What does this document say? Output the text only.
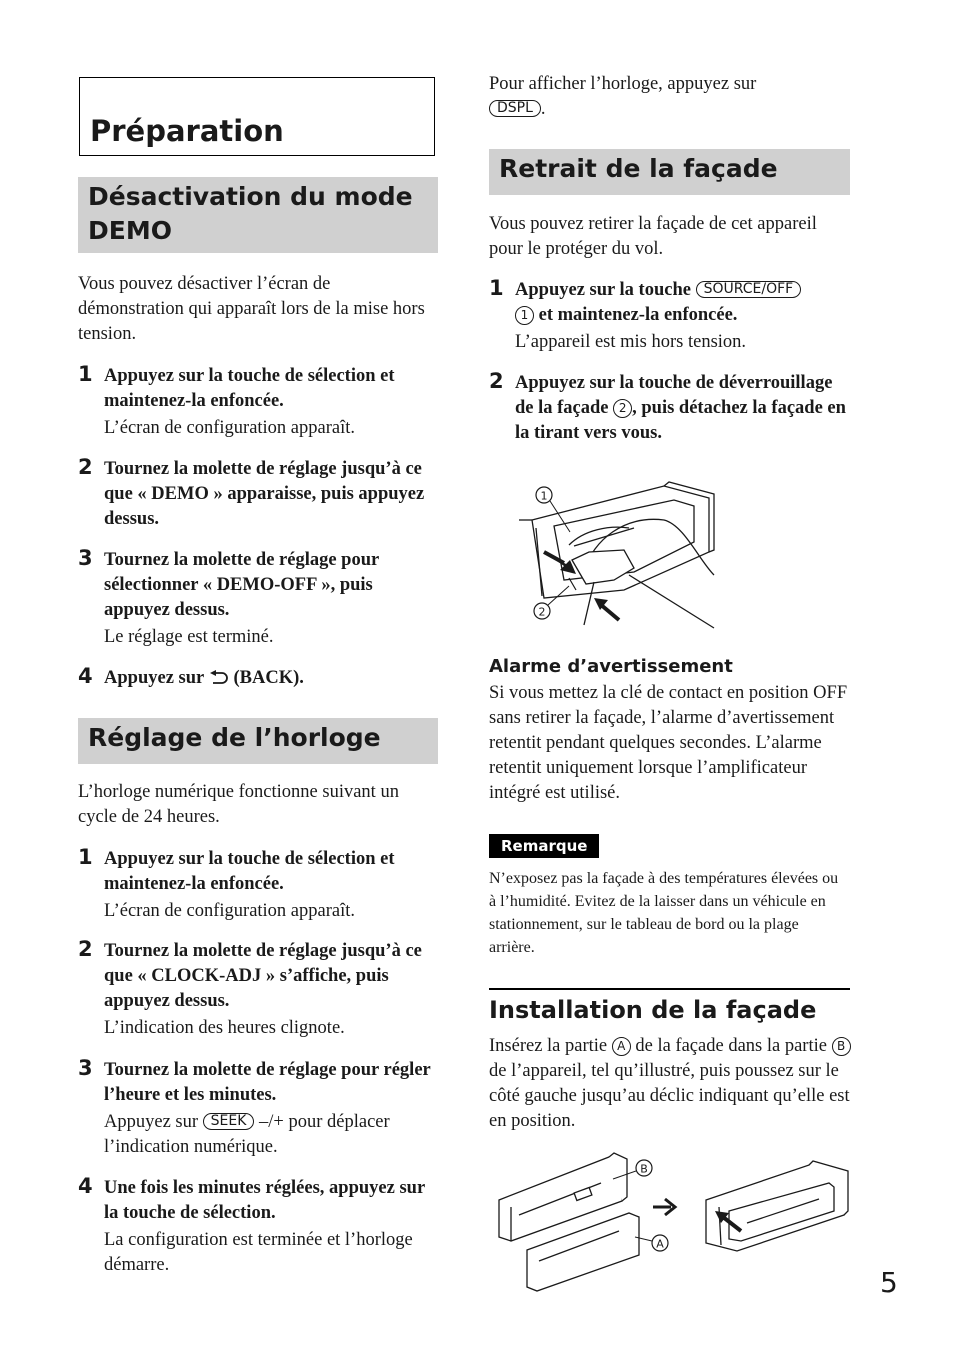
Préparation
Désactivation du mode
DEMO
Vous pouvez désactiver l’écran de démonstration qui apparaît lors de la mise hors tension.
1 Appuyez sur la touche de sélection et maintenez-la enfoncée.
L’écran de configuration apparaît.
2 Tournez la molette de réglage jusqu’à ce que « DEMO » apparaisse, puis appuyez dessus.
3 Tournez la molette de réglage pour sélectionner « DEMO-OFF », puis appuyez dessus.
Le réglage est terminé.
4 Appuyez sur (BACK).
Réglage de l’horloge
L’horloge numérique fonctionne suivant un cycle de 24 heures.
1 Appuyez sur la touche de sélection et maintenez-la enfoncée.
L’écran de configuration apparaît.
2 Tournez la molette de réglage jusqu’à ce que « CLOCK-ADJ » s’affiche, puis appuyez dessus.
L’indication des heures clignote.
3 Tournez la molette de réglage pour régler l’heure et les minutes.
Appuyez sur SEEK –/+ pour déplacer l’indication numérique.
4 Une fois les minutes réglées, appuyez sur la touche de sélection.
La configuration est terminée et l’horloge démarre.
Pour afficher l’horloge, appuyez sur
DSPL .
Retrait de la façade
Vous pouvez retirer la façade de cet appareil pour le protéger du vol.
1 Appuyez sur la touche SOURCE/OFF
1 et maintenez-la enfoncée.
L’appareil est mis hors tension.
2 Appuyez sur la touche de déverrouillage de la façade 2 , puis détachez la façade en la tirant vers vous.
1
2
Alarme d’avertissement
Si vous mettez la clé de contact en position OFF sans retirer la façade, l’alarme d’avertissement retentit pendant quelques secondes. L’alarme retentit uniquement lorsque l’amplificateur intégré est utilisé.
Remarque
N’exposez pas la façade à des températures élevées ou à l’humidité. Evitez de la laisser dans un véhicule en stationnement, sur le tableau de bord ou la plage arrière.
Installation de la façade
Insérez la partie A de la façade dans la partie B de l’appareil, tel qu’illustré, puis poussez sur le côté gauche jusqu’au déclic indiquant qu’elle est en position.
B
A
5
